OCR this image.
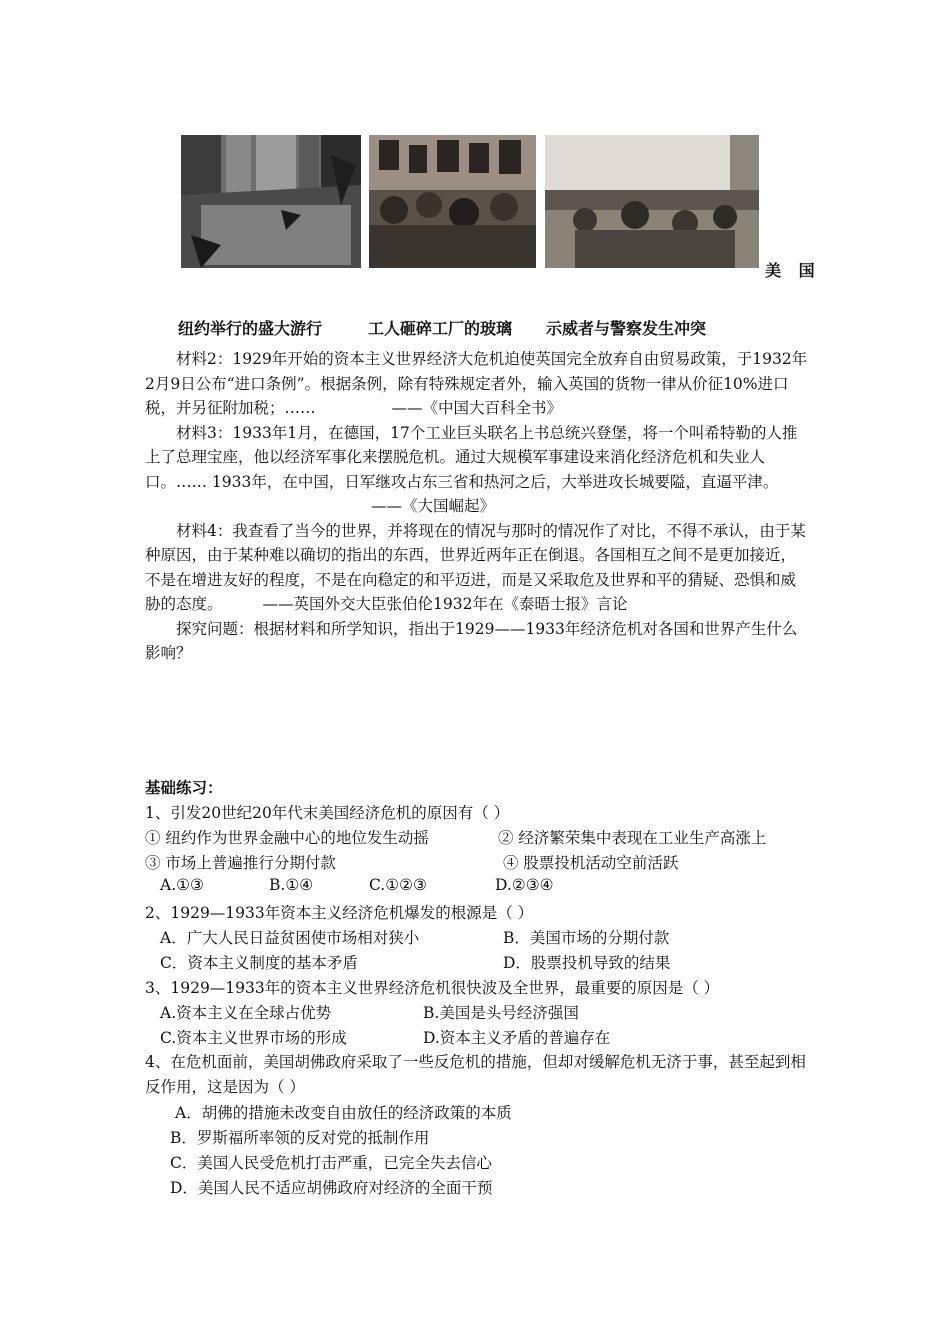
美 国
纽约举行的盛大游行	工人砸碎工厂的玻璃 示威者与警察发生冲突

材料2：1929年开始的资本主义世界经济大危机迫使英国完全放弃自由贸易政策，于1932年2月9日公布“进口条例”。根据条例，除有特殊规定者外，输入英国的货物一律从价征10%进口税，并另征附加税；……	——《中国大百科全书》

材料3：1933年1月，在德国，17个工业巨头联名上书总统兴登堡，将一个叫希特勒的人推上了总理宝座，他以经济军事化来摆脱危机。通过大规模军事建设来消化经济危机和失业人口。…… 1933年，在中国，日军继攻占东三省和热河之后，大举进攻长城要隘，直逼平津。——《大国崛起》

材料4：我查看了当今的世界，并将现在的情况与那时的情况作了对比，不得不承认，由于某种原因，由于某种难以确切的指出的东西，世界近两年正在倒退。各国相互之间不是更加接近，不是在增进友好的程度，不是在向稳定的和平迈进，而是又采取危及世界和平的猜疑、恐惧和威胁的态度。	——英国外交大臣张伯伦1932年在《泰晤士报》言论

探究问题：根据材料和所学知识，指出于1929——1933年经济危机对各国和世界产生什么影响？

基础练习：
1、引发20世纪20年代末美国经济危机的原因有（ ）
① 纽约作为世界金融中心的地位发生动摇	② 经济繁荣集中表现在工业生产高涨上
③ 市场上普遍推行分期付款	④ 股票投机活动空前活跃
A.①③	B.①④	C.①②③	D.②③④
2、1929—1933年资本主义经济危机爆发的根源是（ ）
A．广大人民日益贫困使市场相对狭小	B．美国市场的分期付款
C．资本主义制度的基本矛盾	D．股票投机导致的结果
3、1929—1933年的资本主义世界经济危机很快波及全世界，最重要的原因是（ ）
A.资本主义在全球占优势	B.美国是头号经济强国
C.资本主义世界市场的形成	D.资本主义矛盾的普遍存在

4、在危机面前，美国胡佛政府采取了一些反危机的措施，但却对缓解危机无济于事，甚至起到相反作用，这是因为（ ）

A．胡佛的措施未改变自由放任的经济政策的本质
B．罗斯福所率领的反对党的抵制作用
C．美国人民受危机打击严重，已完全失去信心
D．美国人民不适应胡佛政府对经济的全面干预
